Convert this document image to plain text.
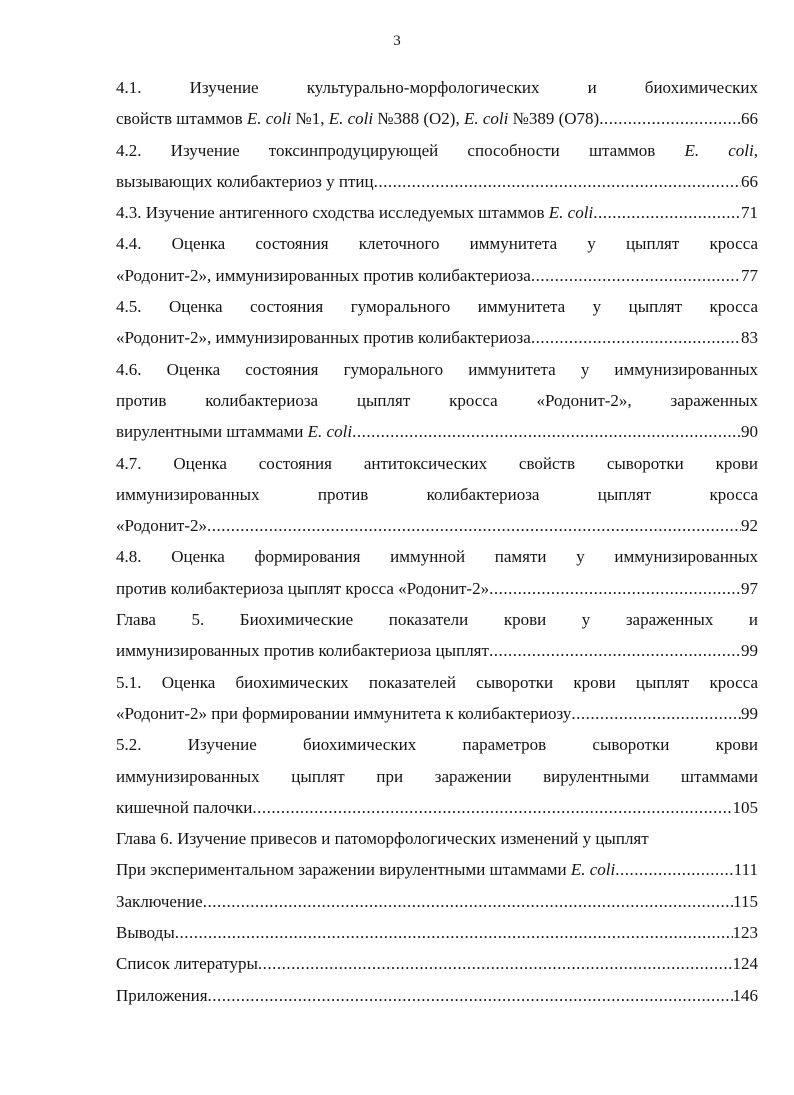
3
4.1. Изучение культурально-морфологических и биохимических
свойств штаммов E. coli №1, E. coli №388 (O2), E. coli №389 (O78) .....	66
4.2. Изучение токсинпродуцирующей способности штаммов E. coli,
вызывающих колибактериоз у птиц .....	66
4.3. Изучение антигенного сходства исследуемых штаммов E. coli .....	71
4.4. Оценка состояния клеточного иммунитета у цыплят кросса
«Родонит-2», иммунизированных против колибактериоза .....	77
4.5. Оценка состояния гуморального иммунитета у цыплят кросса
«Родонит-2», иммунизированных против колибактериоза .....	83
4.6. Оценка состояния гуморального иммунитета у иммунизированных
против колибактериоза цыплят кросса «Родонит-2», зараженных
вирулентными штаммами E. coli .....	90
4.7. Оценка состояния антитоксических свойств сыворотки крови
иммунизированных против колибактериоза цыплят кросса
«Родонит-2» .....	92
4.8. Оценка формирования иммунной памяти у иммунизированных
против колибактериоза цыплят кросса «Родонит-2» .....	97
Глава 5. Биохимические показатели крови у зараженных и
иммунизированных против колибактериоза цыплят .....	99
5.1. Оценка биохимических показателей сыворотки крови цыплят кросса
«Родонит-2» при формировании иммунитета к колибактериозу .....	99
5.2. Изучение биохимических параметров сыворотки крови
иммунизированных цыплят при заражении вирулентными штаммами
кишечной палочки .....	105
Глава 6. Изучение привесов и патоморфологических изменений у цыплят
При экспериментальном заражении вирулентными штаммами E. coli .....	111
Заключение .....	115
Выводы .....	123
Список литературы .....	124
Приложения .....	146
